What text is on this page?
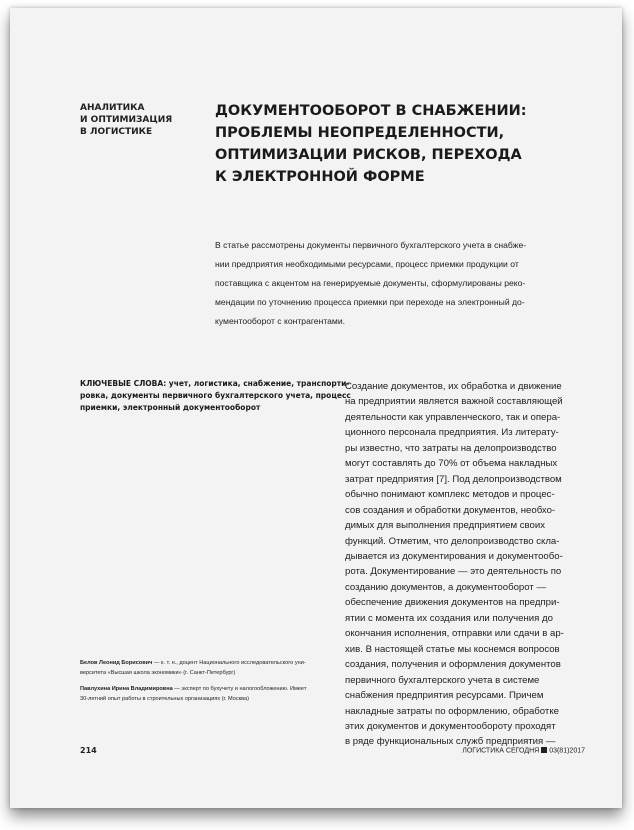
АНАЛИТИКА
И ОПТИМИЗАЦИЯ
В ЛОГИСТИКЕ
ДОКУМЕНТООБОРОТ В СНАБЖЕНИИ:
ПРОБЛЕМЫ НЕОПРЕДЕЛЕННОСТИ,
ОПТИМИЗАЦИИ РИСКОВ, ПЕРЕХОДА
К ЭЛЕКТРОННОЙ ФОРМЕ
В статье рассмотрены документы первичного бухгалтерского учета в снабже-
нии предприятия необходимыми ресурсами, процесс приемки продукции от
поставщика с акцентом на генерируемые документы, сформулированы реко-
мендации по уточнению процесса приемки при переходе на электронный до-
кументооборот с контрагентами.
КЛЮЧЕВЫЕ СЛОВА: учет, логистика, снабжение, транспорти-
ровка, документы первичного бухгалтерского учета, процесс
приемки, электронный документооборот
Создание документов, их обработка и движение
на предприятии является важной составляющей
деятельности как управленческого, так и опера-
ционного персонала предприятия. Из литерату-
ры известно, что затраты на делопроизводство
могут составлять до 70% от объема накладных
затрат предприятия [7]. Под делопроизводством
обычно понимают комплекс методов и процес-
сов создания и обработки документов, необхо-
димых для выполнения предприятием своих
функций. Отметим, что делопроизводство скла-
дывается из документирования и документообо-
рота. Документирование — это деятельность по
созданию документов, а документооборот —
обеспечение движения документов на предпри-
ятии с момента их создания или получения до
окончания исполнения, отправки или сдачи в ар-
хив. В настоящей статье мы коснемся вопросов
создания, получения и оформления документов
первичного бухгалтерского учета в системе
снабжения предприятия ресурсами. Причем
накладные затраты по оформлению, обработке
этих документов и документообороту проходят
в ряде функциональных служб предприятия —
Белов Леонид Борисович — к. т. н., доцент Национального исследовательского уни-
верситета «Высшая школа экономики» (г. Санкт-Петербург)
Павлухина Ирина Владимировна — эксперт по бухучету и налогообложению. Имеет
30-летний опыт работы в строительных организациях (г. Москва)
214	ЛОГИСТИКА СЕГОДНЯ 03(81)2017
